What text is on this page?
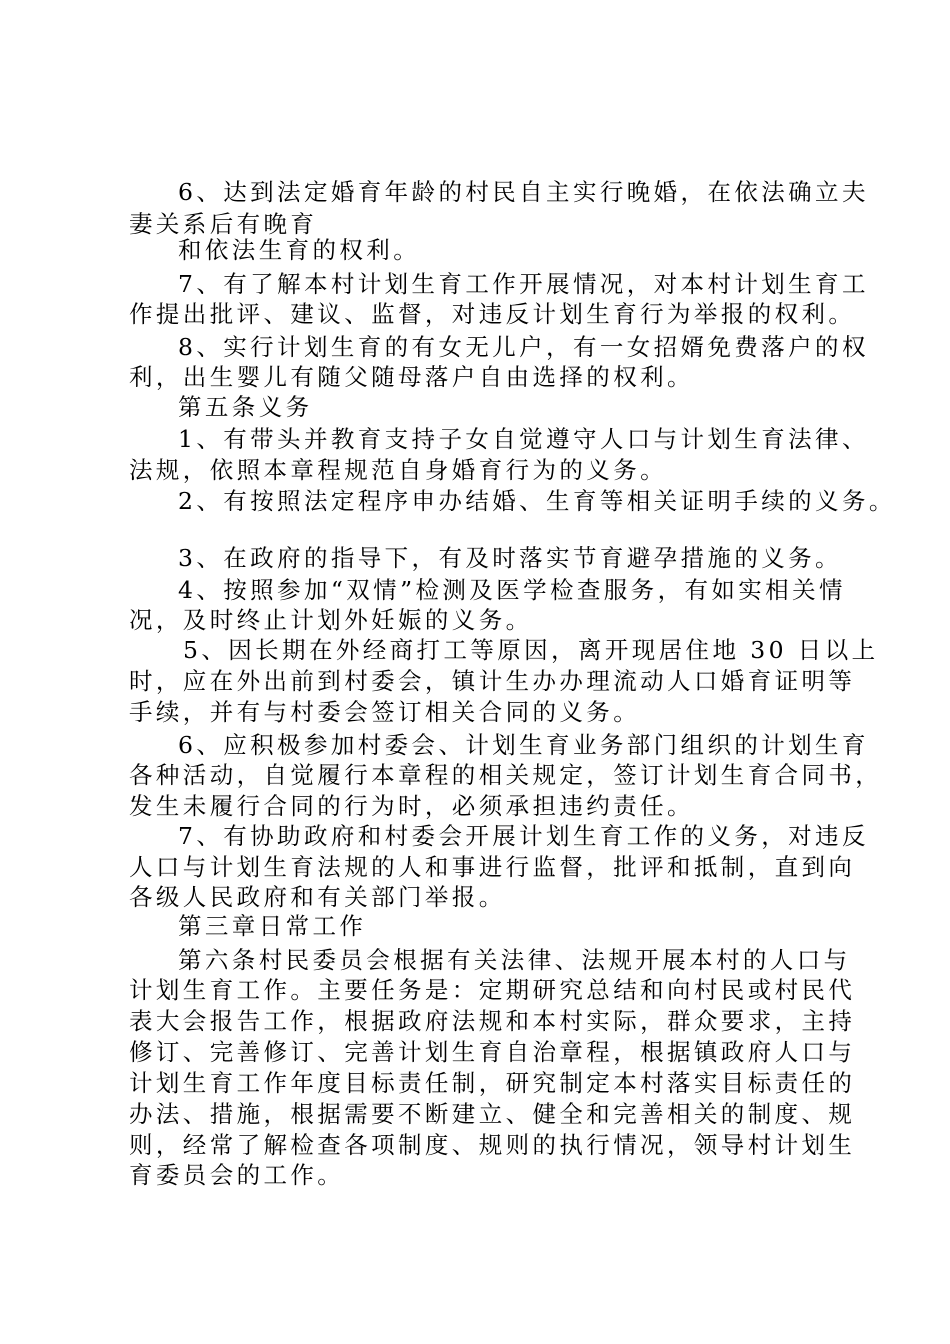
6、达到法定婚育年龄的村民自主实行晚婚，在依法确立夫

妻关系后有晚育

和依法生育的权利。

7、有了解本村计划生育工作开展情况，对本村计划生育工

作提出批评、建议、监督，对违反计划生育行为举报的权利。

8、实行计划生育的有女无儿户，有一女招婿免费落户的权

利，出生婴儿有随父随母落户自由选择的权利。

第五条义务

1、有带头并教育支持子女自觉遵守人口与计划生育法律、

法规，依照本章程规范自身婚育行为的义务。

2、有按照法定程序申办结婚、生育等相关证明手续的义务。

3、在政府的指导下，有及时落实节育避孕措施的义务。

4、按照参加“双情”检测及医学检查服务，有如实相关情

况，及时终止计划外妊娠的义务。

5、因长期在外经商打工等原因，离开现居住地 30 日以上

时，应在外出前到村委会，镇计生办办理流动人口婚育证明等

手续，并有与村委会签订相关合同的义务。

6、应积极参加村委会、计划生育业务部门组织的计划生育

各种活动，自觉履行本章程的相关规定，签订计划生育合同书，

发生未履行合同的行为时，必须承担违约责任。

7、有协助政府和村委会开展计划生育工作的义务，对违反

人口与计划生育法规的人和事进行监督，批评和抵制，直到向

各级人民政府和有关部门举报。

第三章日常工作

第六条村民委员会根据有关法律、法规开展本村的人口与

计划生育工作。主要任务是：定期研究总结和向村民或村民代

表大会报告工作，根据政府法规和本村实际，群众要求，主持

修订、完善修订、完善计划生育自治章程，根据镇政府人口与

计划生育工作年度目标责任制，研究制定本村落实目标责任的

办法、措施，根据需要不断建立、健全和完善相关的制度、规

则，经常了解检查各项制度、规则的执行情况，领导村计划生

育委员会的工作。
